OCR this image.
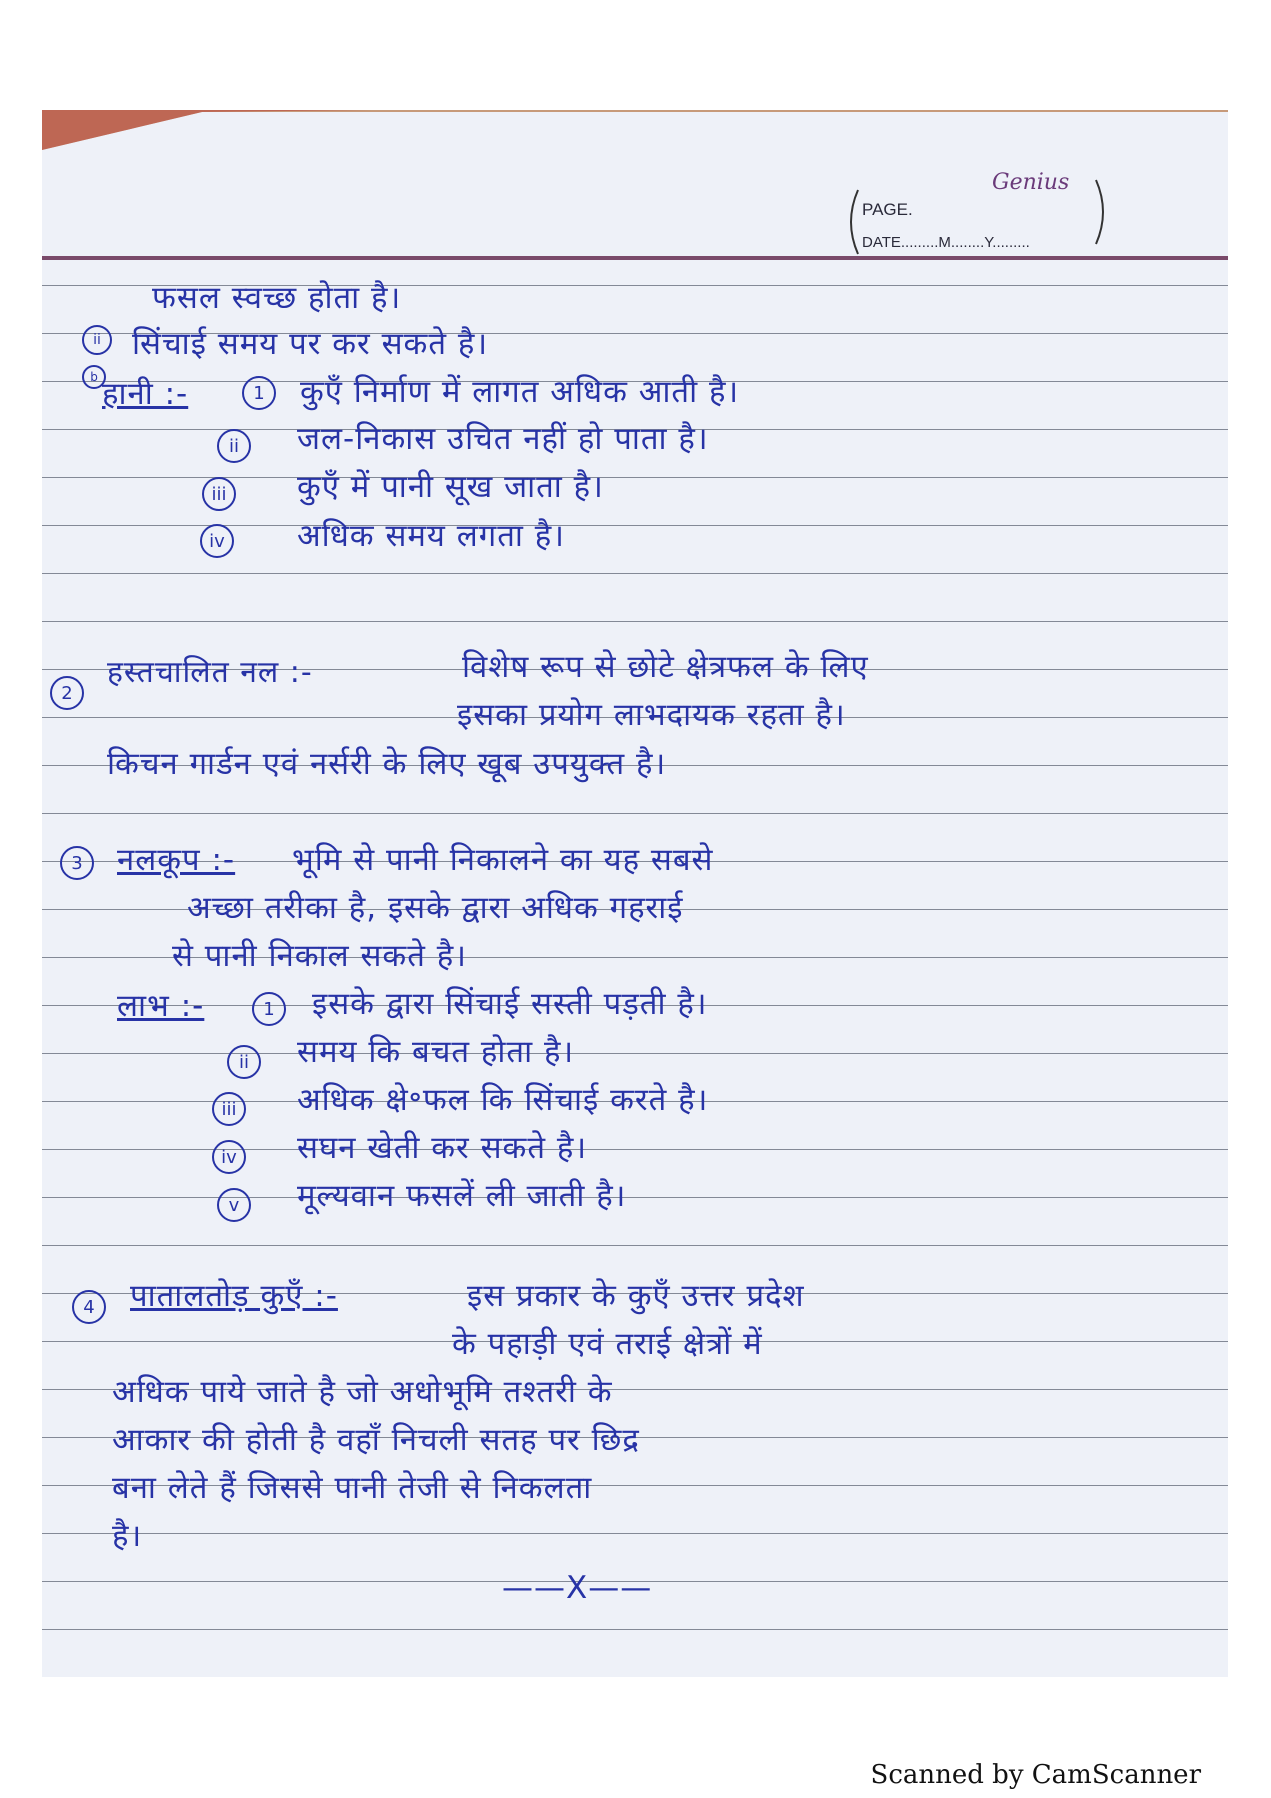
Genius
PAGE.
DATE.........M........Y.........
फसल स्वच्छ होता है।
ii	सिंचाई समय पर कर सकते है।
b हानी :-	1	कुएँ निर्माण में लागत अधिक आती है।
ii	जल-निकास उचित नहीं हो पाता है।
iii	कुएँ में पानी सूख जाता है।
iv अधिक समय लगता है।
2
हस्तचालित नल :-	विशेष रूप से छोटे क्षेत्रफल के लिए
इसका प्रयोग लाभदायक रहता है।
किचन गार्डन एवं नर्सरी के लिए खूब उपयुक्त है।
3	नलकूप :- भूमि से पानी निकालने का यह सबसे
अच्छा तरीका है, इसके द्वारा अधिक गहराई
से पानी निकाल सकते है।
लाभ :-	1	इसके द्वारा सिंचाई सस्ती पड़ती है।
ii	समय कि बचत होता है।
iii	अधिक क्षे॰फल कि सिंचाई करते है।
iv सघन खेती कर सकते है।
v	मूल्यवान फसलें ली जाती है।
4	पातालतोड़ कुएँ :-	इस प्रकार के कुएँ उत्तर प्रदेश
के पहाड़ी एवं तराई क्षेत्रों में
अधिक पाये जाते है जो अधोभूमि तश्तरी के
आकार की होती है वहाँ निचली सतह पर छिद्र
बना लेते हैं जिससे पानी तेजी से निकलता
है।
——X——
Scanned by CamScanner
